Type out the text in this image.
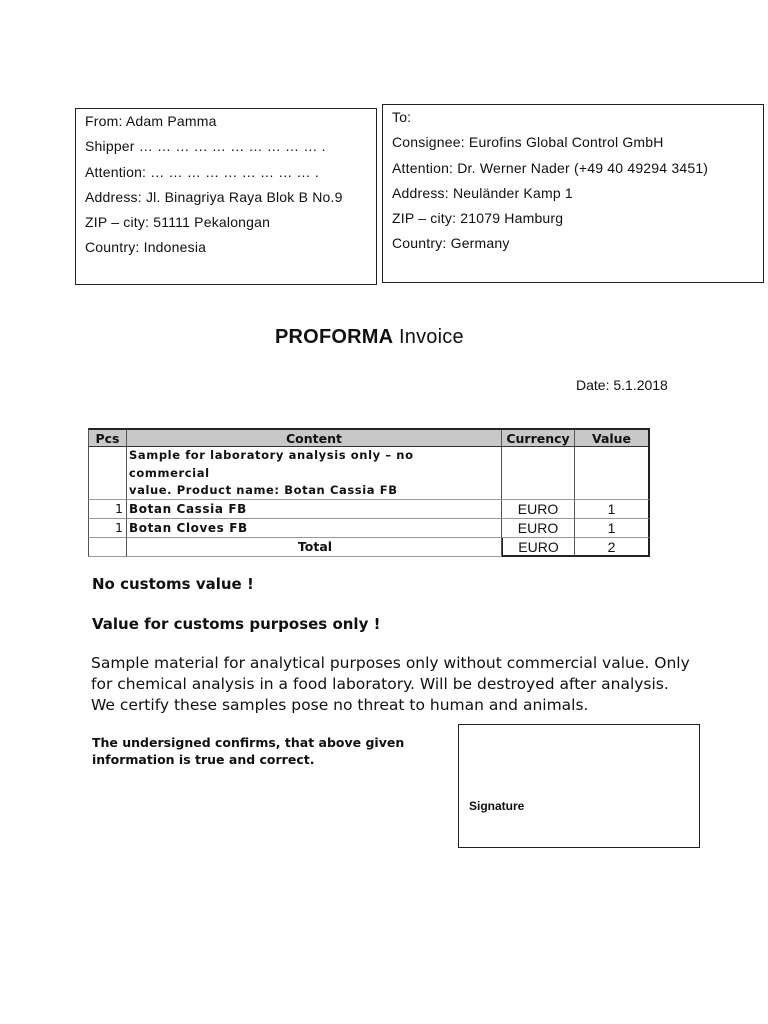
From: Adam Pamma
Shipper … … … … … … … … … … .
Attention: … … … … … … … … … .
Address: Jl. Binagriya Raya Blok B No.9
ZIP – city: 51111 Pekalongan
Country: Indonesia
To:
Consignee: Eurofins Global Control GmbH
Attention: Dr. Werner Nader (+49 40 49294 3451)
Address: Neuländer Kamp 1
ZIP – city: 21079 Hamburg
Country: Germany
PROFORMA Invoice
Date: 5.1.2018
Pcs	Content	Currency	Value
Sample for laboratory analysis only – no
commercial
value. Product name: Botan Cassia FB
1 Botan Cassia FB	EURO	1
1 Botan Cloves FB	EURO	1
Total	EURO	2
No customs value !
Value for customs purposes only !
Sample material for analytical purposes only without commercial value. Only for chemical analysis in a food laboratory. Will be destroyed after analysis. We certify these samples pose no threat to human and animals.
The undersigned confirms, that above given information is true and correct.
Signature
